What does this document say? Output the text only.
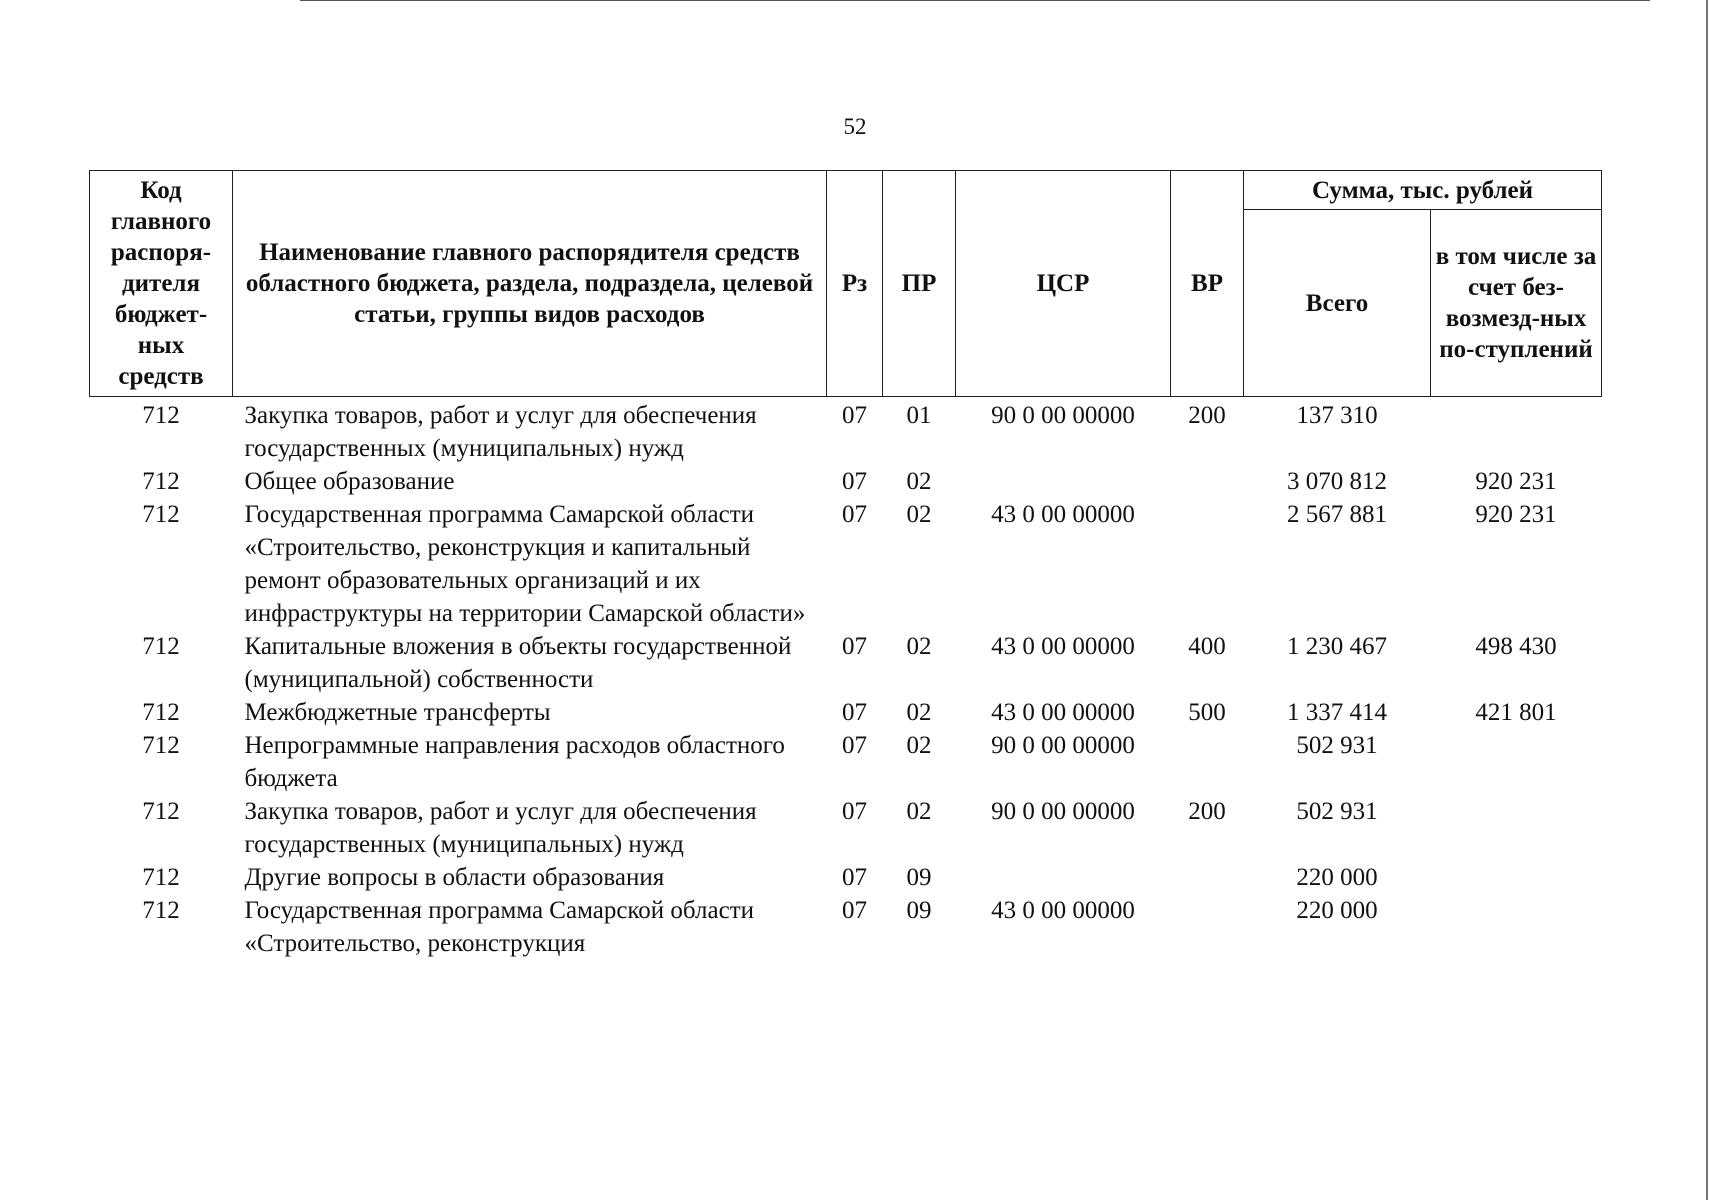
52
Код главного распоря-дителя бюджет-ных средств	Наименование главного распорядителя средств областного бюджета, раздела, подраздела, целевой статьи, группы видов расходов	Рз	ПР	ЦСР	ВР	Сумма, тыс. рублей	
						Всего	в том числе за счет без-возмезд-ных по-ступлений
712	Закупка товаров, работ и услуг для обеспечения государственных (муниципальных) нужд	07	01	90 0 00 00000	200	137 310	
712	Общее образование	07	02			3 070 812	920 231
712	Государственная программа Самарской области «Строительство, реконструкция и капитальный ремонт образовательных организаций и их инфраструктуры на территории Самарской области»	07	02	43 0 00 00000		2 567 881	920 231
712	Капитальные вложения в объекты государственной (муниципальной) собственности	07	02	43 0 00 00000	400	1 230 467	498 430
712	Межбюджетные трансферты	07	02	43 0 00 00000	500	1 337 414	421 801
712	Непрограммные направления расходов областного бюджета	07	02	90 0 00 00000		502 931	
712	Закупка товаров, работ и услуг для обеспечения государственных (муниципальных) нужд	07	02	90 0 00 00000	200	502 931	
712	Другие вопросы в области образования	07	09			220 000	
712	Государственная программа Самарской области «Строительство, реконструкция	07	09	43 0 00 00000		220 000	
